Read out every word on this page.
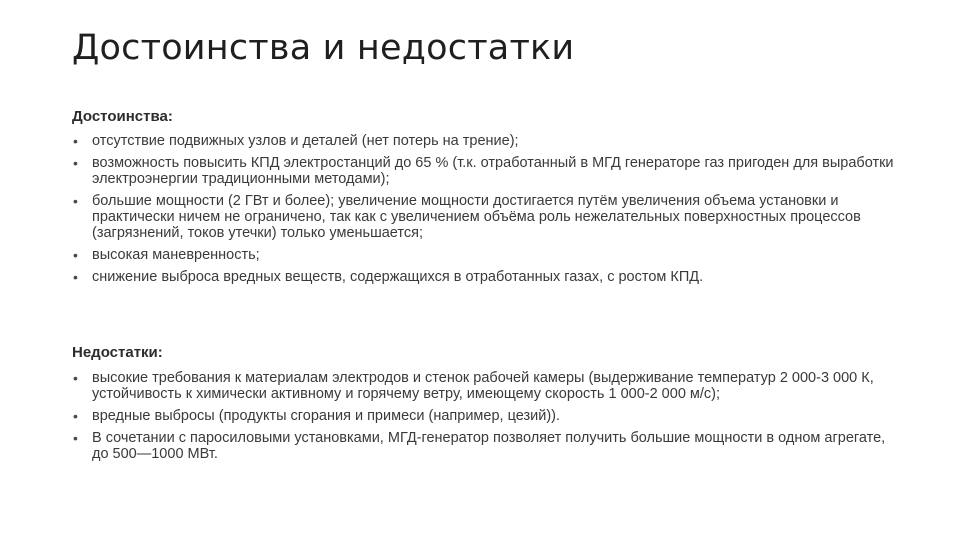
Достоинства и недостатки
Достоинства:
• отсутствие подвижных узлов и деталей (нет потерь на трение);
• возможность повысить КПД электростанций до 65 % (т.к. отработанный в МГД генераторе газ пригоден для выработки электроэнергии традиционными методами);
• большие мощности (2 ГВт и более); увеличение мощности достигается путём увеличения объема установки и практически ничем не ограничено, так как с увеличением объёма роль нежелательных поверхностных процессов (загрязнений, токов утечки) только уменьшается;
• высокая маневренность;
• снижение выброса вредных веществ, содержащихся в отработанных газах, с ростом КПД.
Недостатки:
• высокие требования к материалам электродов и стенок рабочей камеры (выдерживание температур 2 000-3 000 К, устойчивость к химически активному и горячему ветру, имеющему скорость 1 000-2 000 м/с);
• вредные выбросы (продукты сгорания и примеси (например, цезий)).
• В сочетании с паросиловыми установками, МГД-генератор позволяет получить большие мощности в одном агрегате, до 500—1000 МВт.
